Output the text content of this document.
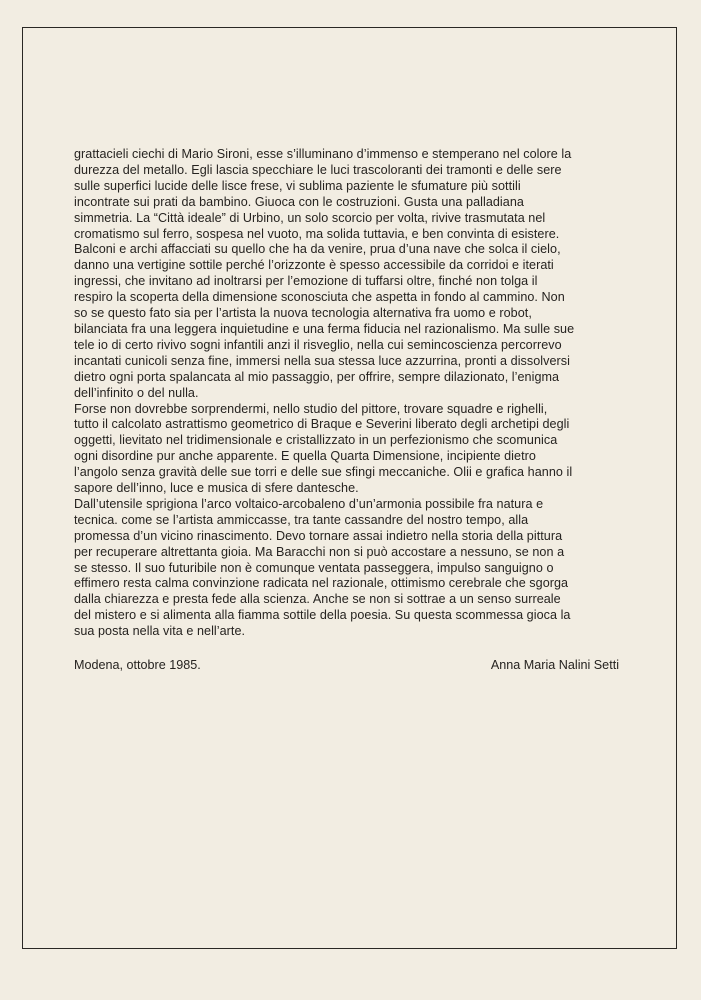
grattacieli ciechi di Mario Sironi, esse s’illuminano d’immenso e stemperano nel colore la
durezza del metallo. Egli lascia specchiare le luci trascoloranti dei tramonti e delle sere
sulle superfici lucide delle lisce frese, vi sublima paziente le sfumature più sottili
incontrate sui prati da bambino. Giuoca con le costruzioni. Gusta una palladiana
simmetria. La “Città ideale” di Urbino, un solo scorcio per volta, rivive trasmutata nel
cromatismo sul ferro, sospesa nel vuoto, ma solida tuttavia, e ben convinta di esistere.
Balconi e archi affacciati su quello che ha da venire, prua d’una nave che solca il cielo,
danno una vertigine sottile perché l’orizzonte è spesso accessibile da corridoi e iterati
ingressi, che invitano ad inoltrarsi per l’emozione di tuffarsi oltre, finché non tolga il
respiro la scoperta della dimensione sconosciuta che aspetta in fondo al cammino. Non
so se questo fato sia per l’artista la nuova tecnologia alternativa fra uomo e robot,
bilanciata fra una leggera inquietudine e una ferma fiducia nel razionalismo. Ma sulle sue
tele io di certo rivivo sogni infantili anzi il risveglio, nella cui semincoscienza percorrevo
incantati cunicoli senza fine, immersi nella sua stessa luce azzurrina, pronti a dissolversi
dietro ogni porta spalancata al mio passaggio, per offrire, sempre dilazionato, l’enigma
dell’infinito o del nulla.
Forse non dovrebbe sorprendermi, nello studio del pittore, trovare squadre e righelli,
tutto il calcolato astrattismo geometrico di Braque e Severini liberato degli archetipi degli
oggetti, lievitato nel tridimensionale e cristallizzato in un perfezionismo che scomunica
ogni disordine pur anche apparente. E quella Quarta Dimensione, incipiente dietro
l’angolo senza gravità delle sue torri e delle sue sfingi meccaniche. Olii e grafica hanno il
sapore dell’inno, luce e musica di sfere dantesche.
Dall’utensile sprigiona l’arco voltaico-arcobaleno d’un’armonia possibile fra natura e
tecnica. come se l’artista ammiccasse, tra tante cassandre del nostro tempo, alla
promessa d’un vicino rinascimento. Devo tornare assai indietro nella storia della pittura
per recuperare altrettanta gioia. Ma Baracchi non si può accostare a nessuno, se non a
se stesso. Il suo futuribile non è comunque ventata passeggera, impulso sanguigno o
effimero resta calma convinzione radicata nel razionale, ottimismo cerebrale che sgorga
dalla chiarezza e presta fede alla scienza. Anche se non si sottrae a un senso surreale
del mistero e si alimenta alla fiamma sottile della poesia. Su questa scommessa gioca la
sua posta nella vita e nell’arte.
Modena, ottobre 1985.	Anna Maria Nalini Setti
